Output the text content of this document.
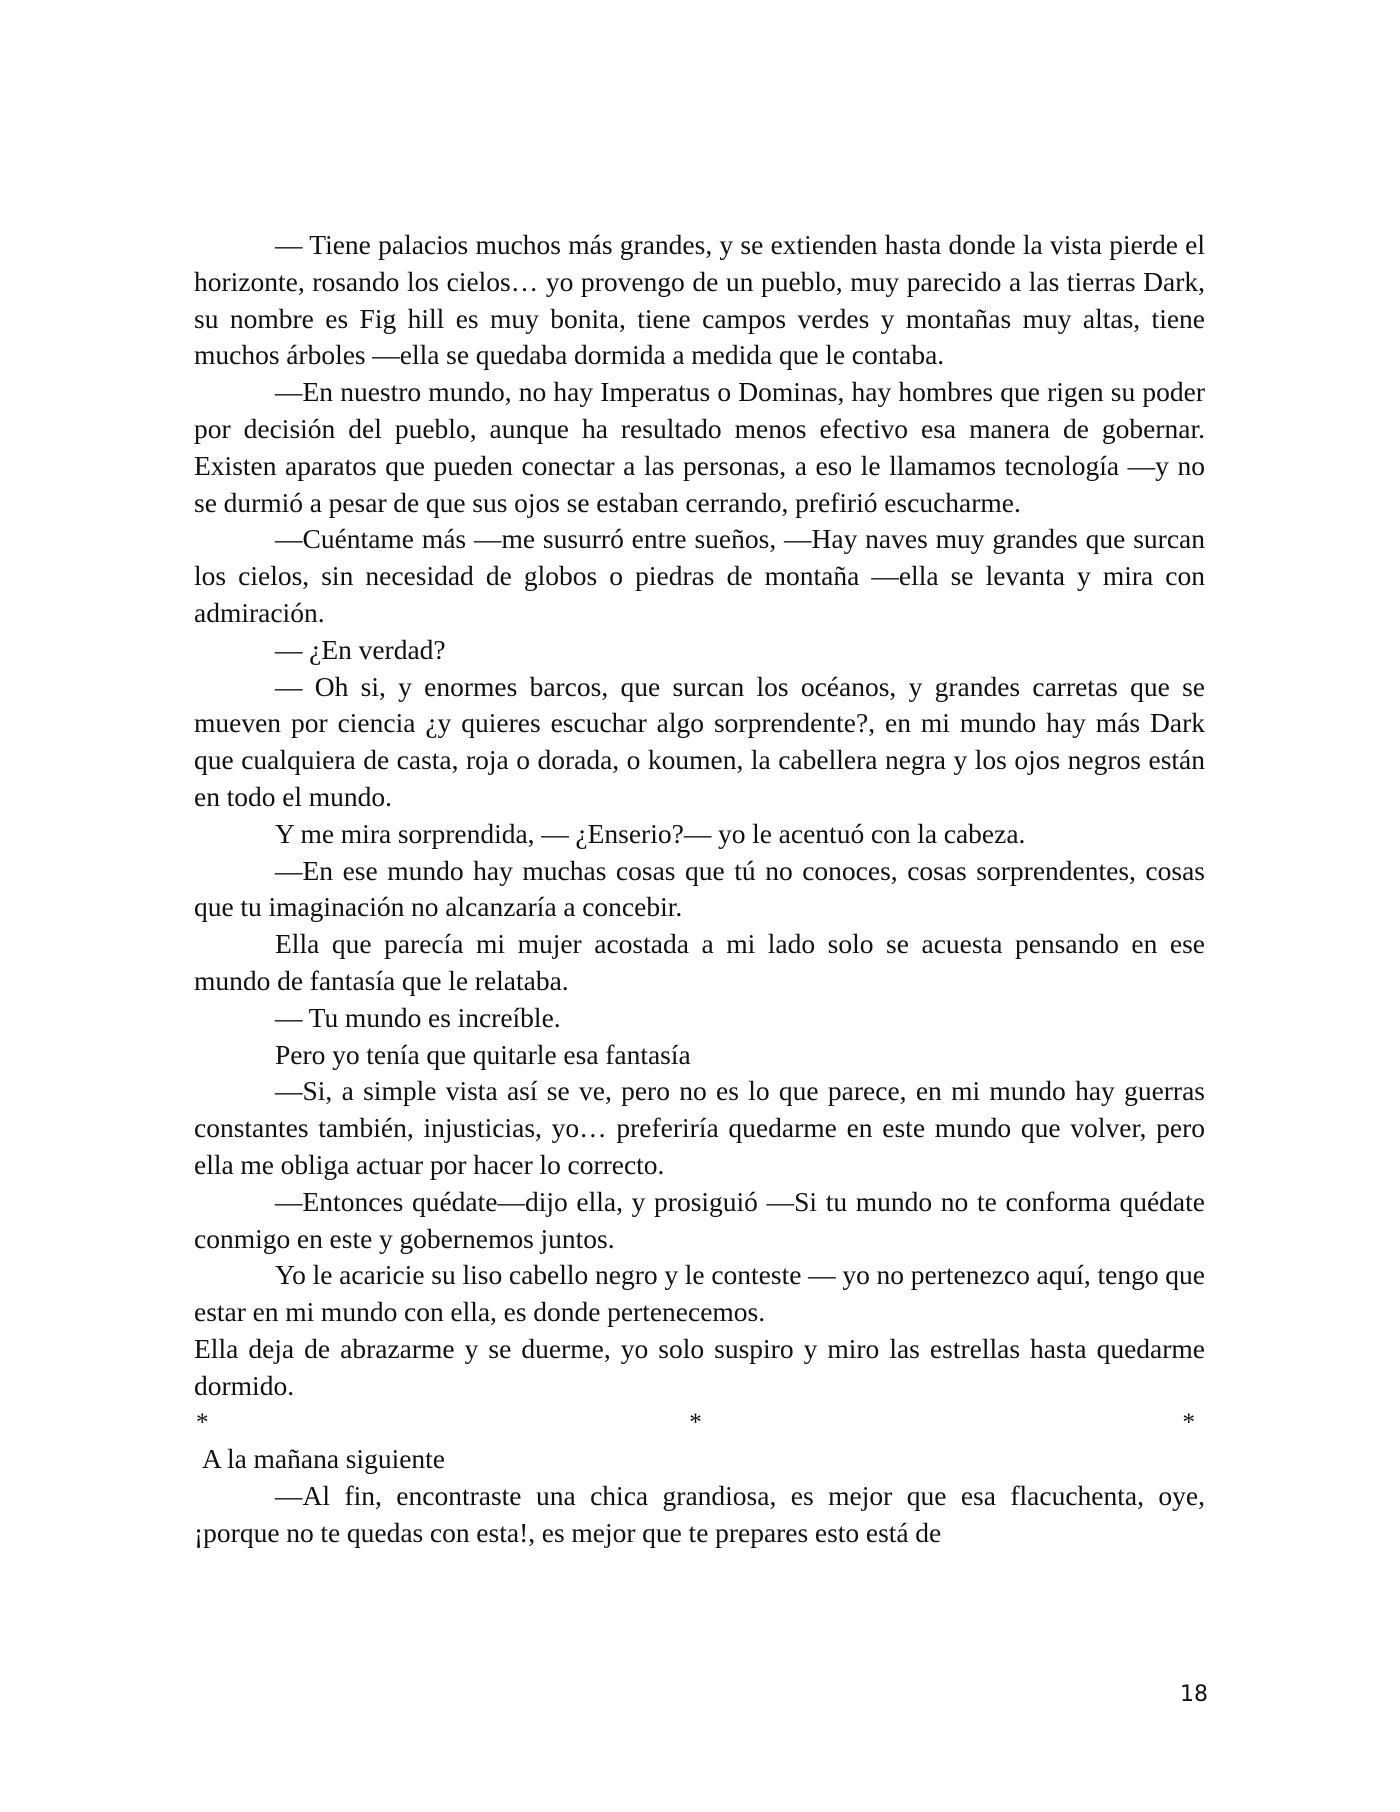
— Tiene palacios muchos más grandes, y se extienden hasta donde la vista pierde el horizonte, rosando los cielos… yo provengo de un pueblo, muy parecido a las tierras Dark, su nombre es Fig hill es muy bonita, tiene campos verdes y montañas muy altas, tiene muchos árboles —ella se quedaba dormida a medida que le contaba.

—En nuestro mundo, no hay Imperatus o Dominas, hay hombres que rigen su poder por decisión del pueblo, aunque ha resultado menos efectivo esa manera de gobernar. Existen aparatos que pueden conectar a las personas, a eso le llamamos tecnología —y no se durmió a pesar de que sus ojos se estaban cerrando, prefirió escucharme.

—Cuéntame más —me susurró entre sueños, —Hay naves muy grandes que surcan los cielos, sin necesidad de globos o piedras de montaña —ella se levanta y mira con admiración.

— ¿En verdad?

— Oh si, y enormes barcos, que surcan los océanos, y grandes carretas que se mueven por ciencia ¿y quieres escuchar algo sorprendente?, en mi mundo hay más Dark que cualquiera de casta, roja o dorada, o koumen, la cabellera negra y los ojos negros están en todo el mundo.

Y me mira sorprendida, — ¿Enserio?— yo le acentuó con la cabeza.

—En ese mundo hay muchas cosas que tú no conoces, cosas sorprendentes, cosas que tu imaginación no alcanzaría a concebir.

Ella que parecía mi mujer acostada a mi lado solo se acuesta pensando en ese mundo de fantasía que le relataba.

— Tu mundo es increíble.

Pero yo tenía que quitarle esa fantasía

—Si, a simple vista así se ve, pero no es lo que parece, en mi mundo hay guerras constantes también, injusticias, yo… preferiría quedarme en este mundo que volver, pero ella me obliga actuar por hacer lo correcto.

—Entonces quédate—dijo ella, y prosiguió —Si tu mundo no te conforma quédate conmigo en este y gobernemos juntos.

Yo le acaricie su liso cabello negro y le conteste — yo no pertenezco aquí, tengo que estar en mi mundo con ella, es donde pertenecemos.

Ella deja de abrazarme y se duerme, yo solo suspiro y miro las estrellas hasta quedarme dormido.

*	*	*

A la mañana siguiente

—Al fin, encontraste una chica grandiosa, es mejor que esa flacuchenta, oye, ¡porque no te quedas con esta!, es mejor que te prepares esto está de

18
